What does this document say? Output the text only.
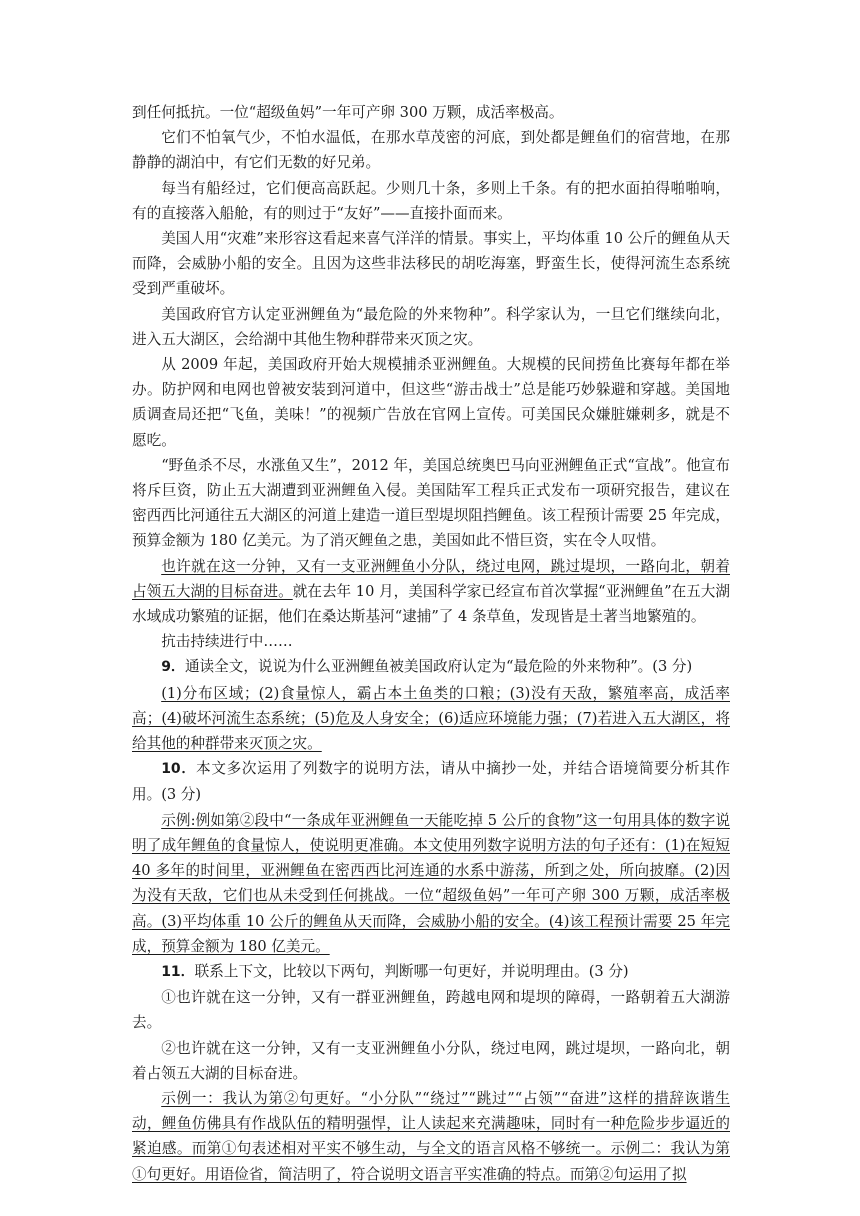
到任何抵抗。一位“超级鱼妈”一年可产卵 300 万颗，成活率极高。

它们不怕氧气少，不怕水温低，在那水草茂密的河底，到处都是鲤鱼们的宿营地，在那静静的湖泊中，有它们无数的好兄弟。

每当有船经过，它们便高高跃起。少则几十条，多则上千条。有的把水面拍得啪啪响，有的直接落入船舱，有的则过于“友好”——直接扑面而来。

美国人用“灾难”来形容这看起来喜气洋洋的情景。事实上，平均体重 10 公斤的鲤鱼从天而降，会威胁小船的安全。且因为这些非法移民的胡吃海塞，野蛮生长，使得河流生态系统受到严重破坏。

美国政府官方认定亚洲鲤鱼为“最危险的外来物种”。科学家认为，一旦它们继续向北，进入五大湖区，会给湖中其他生物种群带来灭顶之灾。

从 2009 年起，美国政府开始大规模捕杀亚洲鲤鱼。大规模的民间捞鱼比赛每年都在举办。防护网和电网也曾被安装到河道中，但这些“游击战士”总是能巧妙躲避和穿越。美国地质调查局还把“飞鱼，美味！”的视频广告放在官网上宣传。可美国民众嫌脏嫌刺多，就是不愿吃。

“野鱼杀不尽，水涨鱼又生”，2012 年，美国总统奥巴马向亚洲鲤鱼正式“宣战”。他宣布将斥巨资，防止五大湖遭到亚洲鲤鱼入侵。美国陆军工程兵正式发布一项研究报告，建议在密西西比河通往五大湖区的河道上建造一道巨型堤坝阻挡鲤鱼。该工程预计需要 25 年完成，预算金额为 180 亿美元。为了消灭鲤鱼之患，美国如此不惜巨资，实在令人叹惜。

也许就在这一分钟，又有一支亚洲鲤鱼小分队，绕过电网，跳过堤坝，一路向北，朝着占领五大湖的目标奋进。就在去年 10 月，美国科学家已经宣布首次掌握“亚洲鲤鱼”在五大湖水域成功繁殖的证据，他们在桑达斯基河“逮捕”了 4 条草鱼，发现皆是土著当地繁殖的。

抗击持续进行中……

9．通读全文，说说为什么亚洲鲤鱼被美国政府认定为“最危险的外来物种”。(3 分)

(1)分布区域；(2)食量惊人，霸占本土鱼类的口粮；(3)没有天敌，繁殖率高，成活率高；(4)破坏河流生态系统；(5)危及人身安全；(6)适应环境能力强；(7)若进入五大湖区，将给其他的种群带来灭顶之灾。

10．本文多次运用了列数字的说明方法，请从中摘抄一处，并结合语境简要分析其作用。(3 分)

示例:例如第②段中“一条成年亚洲鲤鱼一天能吃掉 5 公斤的食物”这一句用具体的数字说明了成年鲤鱼的食量惊人，使说明更准确。本文使用列数字说明方法的句子还有：(1)在短短 40 多年的时间里，亚洲鲤鱼在密西西比河连通的水系中游荡，所到之处，所向披靡。(2)因为没有天敌，它们也从未受到任何挑战。一位“超级鱼妈”一年可产卵 300 万颗，成活率极高。(3)平均体重 10 公斤的鲤鱼从天而降，会威胁小船的安全。(4)该工程预计需要 25 年完成，预算金额为 180 亿美元。

11．联系上下文，比较以下两句，判断哪一句更好，并说明理由。(3 分)

①也许就在这一分钟，又有一群亚洲鲤鱼，跨越电网和堤坝的障碍，一路朝着五大湖游去。

②也许就在这一分钟，又有一支亚洲鲤鱼小分队，绕过电网，跳过堤坝，一路向北，朝着占领五大湖的目标奋进。

示例一：我认为第②句更好。“小分队”“绕过”“跳过”“占领”“奋进”这样的措辞诙谐生动，鲤鱼仿佛具有作战队伍的精明强悍，让人读起来充满趣味，同时有一种危险步步逼近的紧迫感。而第①句表述相对平实不够生动，与全文的语言风格不够统一。示例二：我认为第①句更好。用语俭省，简洁明了，符合说明文语言平实准确的特点。而第②句运用了拟
